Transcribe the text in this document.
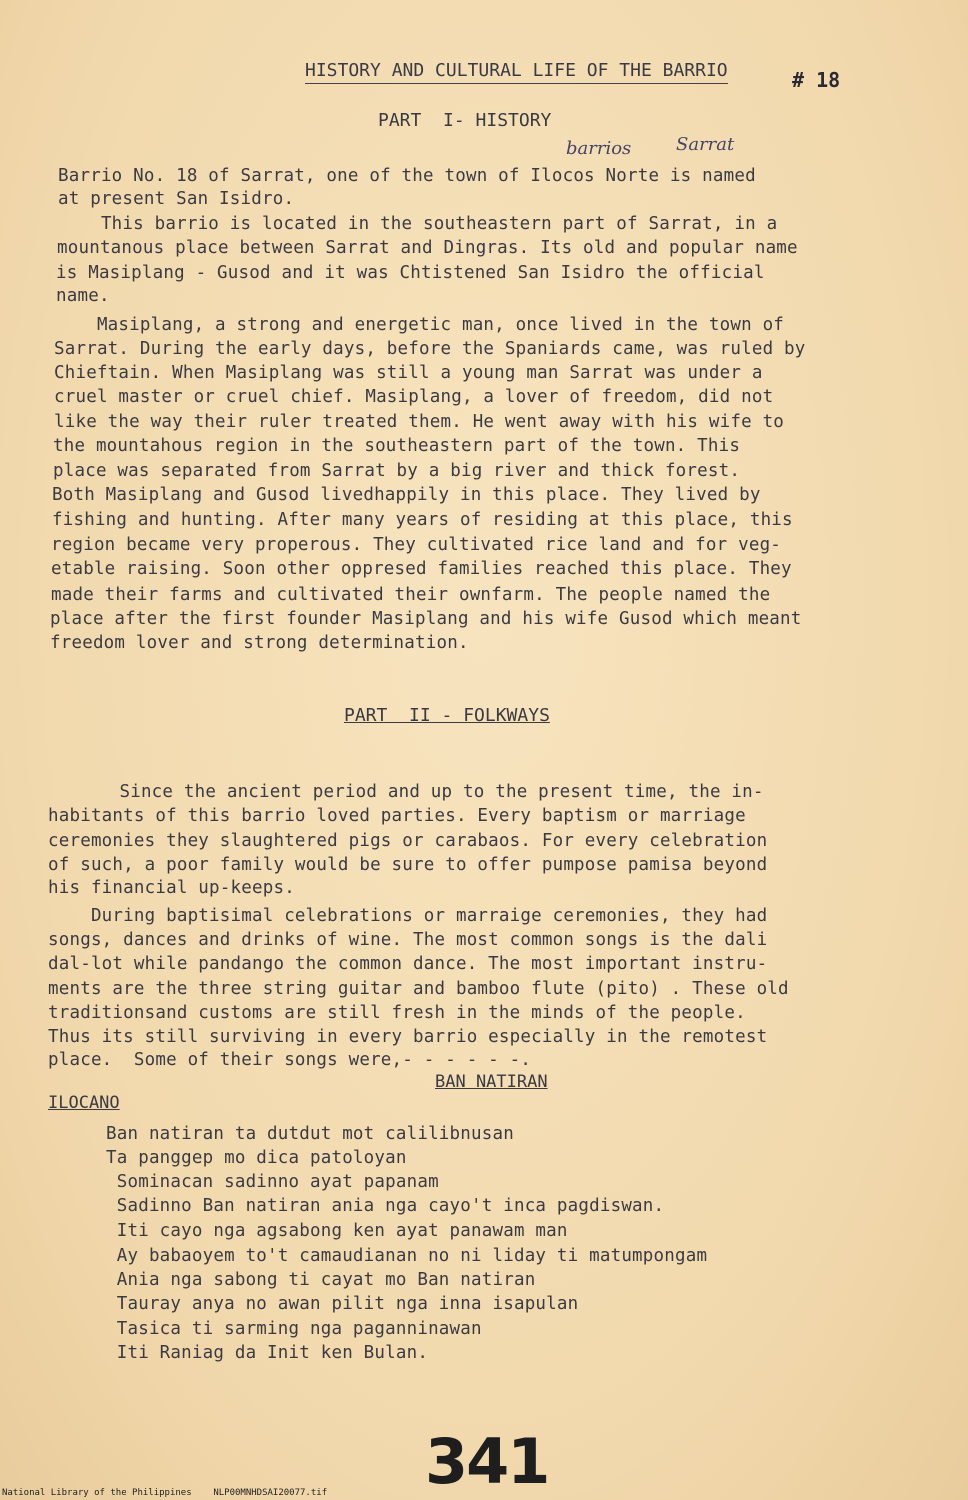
HISTORY AND CULTURAL LIFE OF THE BARRIO	# 18
PART  I- HISTORY
barrios Sarrat
Barrio No. 18 of Sarrat, one of the town of Ilocos Norte is named
at present San Isidro.
This barrio is located in the southeastern part of Sarrat, in a
mountanous place between Sarrat and Dingras. Its old and popular name
is Masiplang - Gusod and it was Chtistened San Isidro the official
name.
Masiplang, a strong and energetic man, once lived in the town of
Sarrat. During the early days, before the Spaniards came, was ruled by
Chieftain. When Masiplang was still a young man Sarrat was under a
cruel master or cruel chief. Masiplang, a lover of freedom, did not
like the way their ruler treated them. He went away with his wife to
the mountahous region in the southeastern part of the town. This
place was separated from Sarrat by a big river and thick forest.
Both Masiplang and Gusod livedhappily in this place. They lived by
fishing and hunting. After many years of residing at this place, this
region became very properous. They cultivated rice land and for veg-
etable raising. Soon other oppresed families reached this place. They
made their farms and cultivated their ownfarm. The people named the
place after the first founder Masiplang and his wife Gusod which meant
freedom lover and strong determination.
PART  II - FOLKWAYS
Since the ancient period and up to the present time, the in-
habitants of this barrio loved parties. Every baptism or marriage
ceremonies they slaughtered pigs or carabaos. For every celebration
of such, a poor family would be sure to offer pumpose pamisa beyond
his financial up-keeps.
During baptisimal celebrations or marraige ceremonies, they had
songs, dances and drinks of wine. The most common songs is the dali
dal-lot while pandango the common dance. The most important instru-
ments are the three string guitar and bamboo flute (pito) . These old
traditionsand customs are still fresh in the minds of the people.
Thus its still surviving in every barrio especially in the remotest
place.  Some of their songs were,- - - - - -.
BAN NATIRAN
ILOCANO
Ban natiran ta dutdut mot calilibnusan
Ta panggep mo dica patoloyan
Sominacan sadinno ayat papanam
Sadinno Ban natiran ania nga cayo't inca pagdiswan.
Iti cayo nga agsabong ken ayat panawam man
Ay babaoyem to't camaudianan no ni liday ti matumpongam
Ania nga sabong ti cayat mo Ban natiran
Tauray anya no awan pilit nga inna isapulan
Tasica ti sarming nga paganninawan
Iti Raniag da Init ken Bulan.
341
National Library of the Philippines    NLP00MNHDSAI20077.tif
